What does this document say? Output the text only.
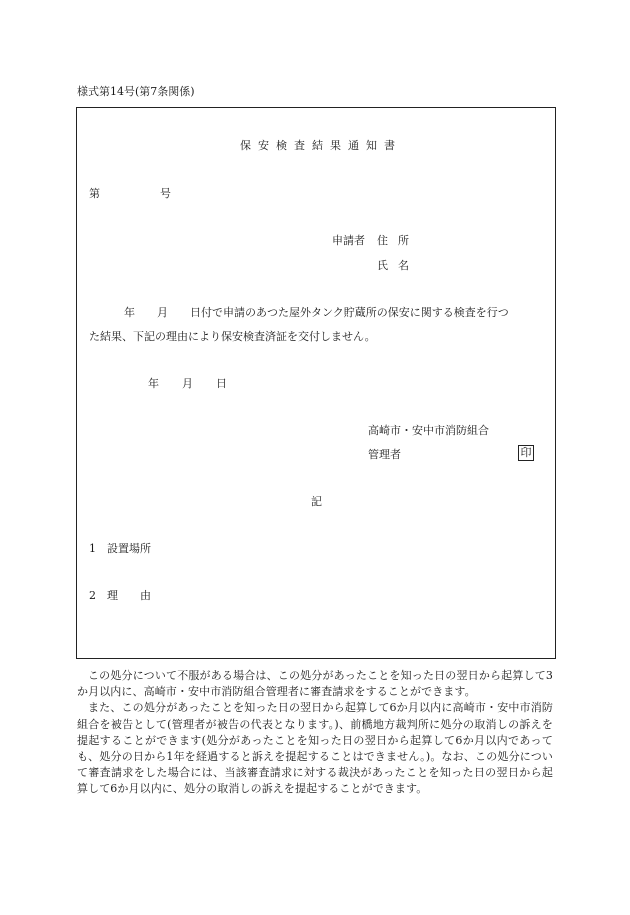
様式第14号(第7条関係)
保安検査結果通知書
第	号
申請者 住所
氏名
年 月 日付で申請のあつた屋外タンク貯蔵所の保安に関する検査を行つ
た結果、下記の理由により保安検査済証を交付しません。
年 月 日
高崎市・安中市消防組合
管理者	印
記
1 設置場所
2 理　　由

この処分について不服がある場合は、この処分があったことを知った日の翌日から起算して3か月以内に、高崎市・安中市消防組合管理者に審査請求をすることができます。

また、この処分があったことを知った日の翌日から起算して6か月以内に高崎市・安中市消防組合を被告として(管理者が被告の代表となります。)、前橋地方裁判所に処分の取消しの訴えを提起することができます(処分があったことを知った日の翌日から起算して6か月以内であっても、処分の日から1年を経過すると訴えを提起することはできません。)。なお、この処分について審査請求をした場合には、当該審査請求に対する裁決があったことを知った日の翌日から起算して6か月以内に、処分の取消しの訴えを提起することができます。
